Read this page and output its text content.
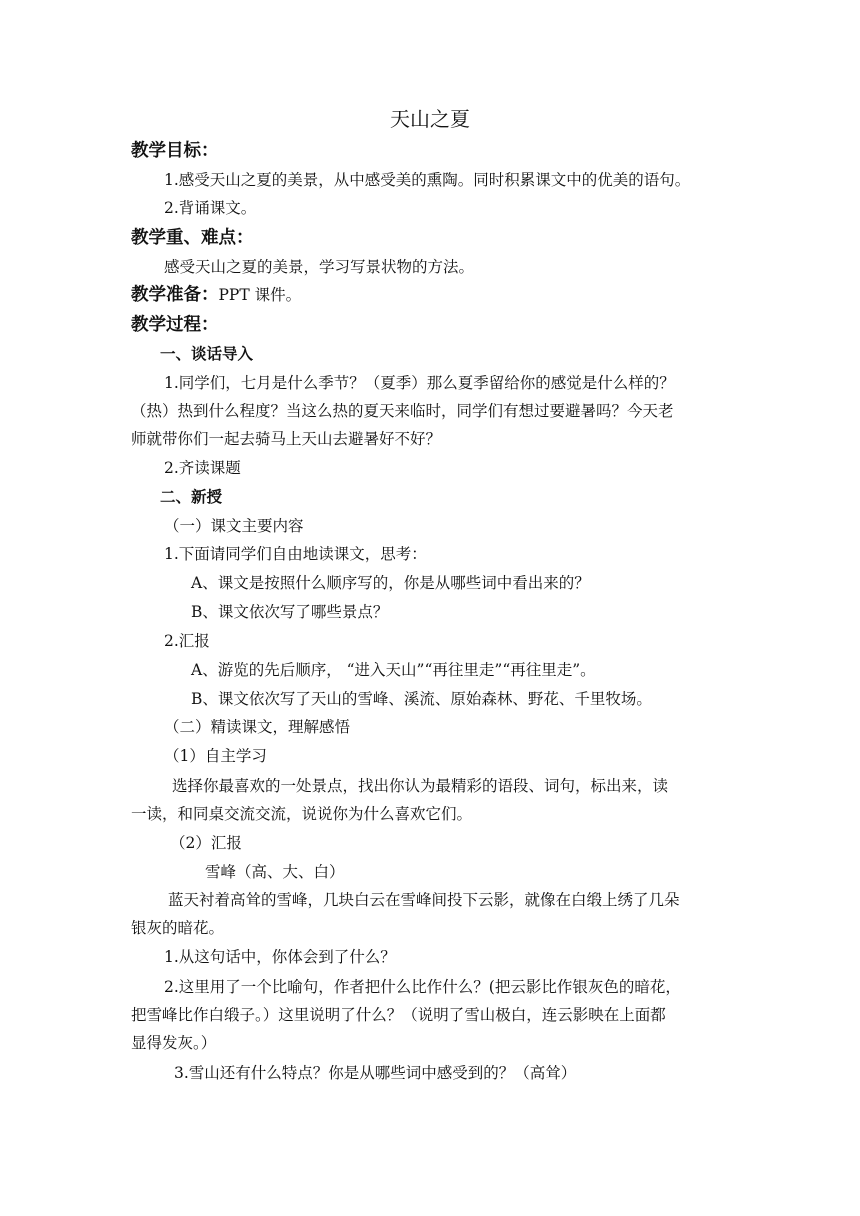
天山之夏
教学目标：
1.感受天山之夏的美景，从中感受美的熏陶。同时积累课文中的优美的语句。
2.背诵课文。
教学重、难点：
感受天山之夏的美景，学习写景状物的方法。
教学准备：PPT 课件。
教学过程：
一、谈话导入
1.同学们，七月是什么季节？（夏季）那么夏季留给你的感觉是什么样的？
（热）热到什么程度？当这么热的夏天来临时，同学们有想过要避暑吗？今天老
师就带你们一起去骑马上天山去避暑好不好？
2.齐读课题
二、新授
（一）课文主要内容
1.下面请同学们自由地读课文，思考：
A、课文是按照什么顺序写的，你是从哪些词中看出来的？
B、课文依次写了哪些景点？
2.汇报
A、游览的先后顺序， “进入天山”“再往里走”“再往里走”。
B、课文依次写了天山的雪峰、溪流、原始森林、野花、千里牧场。
（二）精读课文，理解感悟
（1）自主学习
选择你最喜欢的一处景点，找出你认为最精彩的语段、词句，标出来，读
一读，和同桌交流交流，说说你为什么喜欢它们。
（2）汇报
雪峰（高、大、白）
蓝天衬着高耸的雪峰，几块白云在雪峰间投下云影，就像在白缎上绣了几朵
银灰的暗花。
1.从这句话中，你体会到了什么？
2.这里用了一个比喻句，作者把什么比作什么？(把云影比作银灰色的暗花，
把雪峰比作白缎子。）这里说明了什么？（说明了雪山极白，连云影映在上面都
显得发灰。）
3.雪山还有什么特点？你是从哪些词中感受到的？（高耸）
